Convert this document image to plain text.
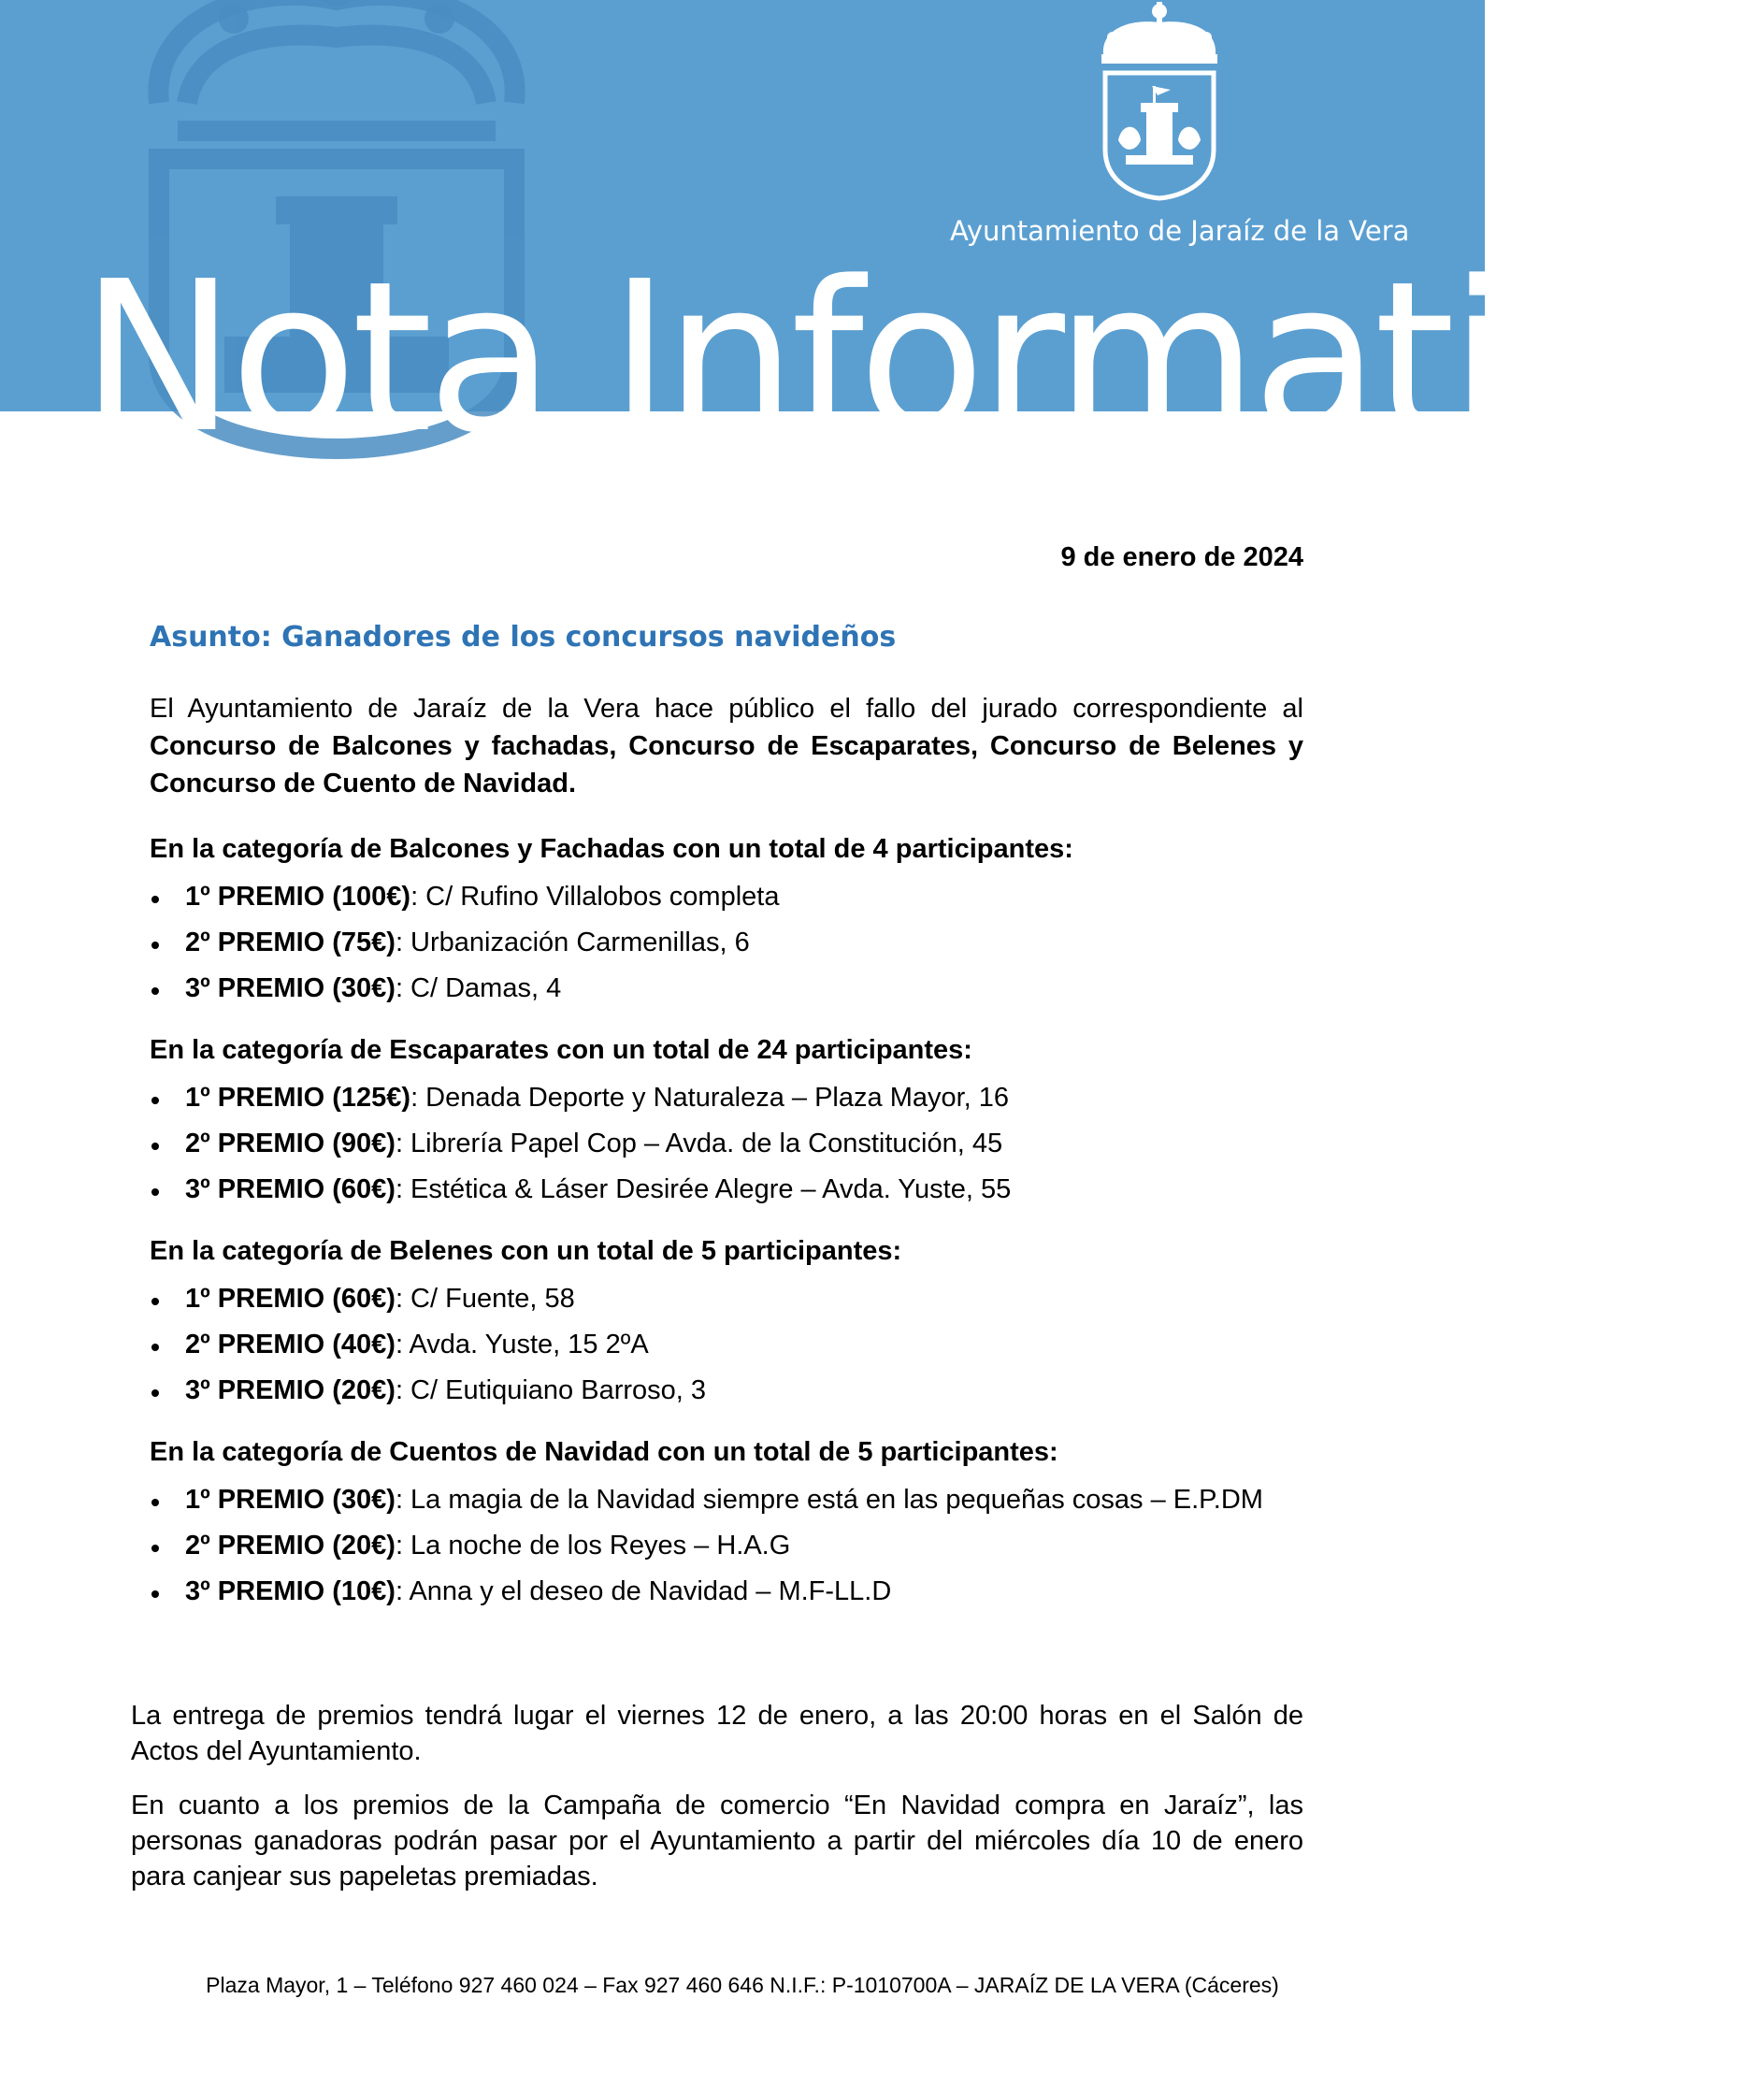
Ayuntamiento de Jaraíz de la Vera
Nota Informativa
9 de enero de 2024
Asunto: Ganadores de los concursos navideños
El Ayuntamiento de Jaraíz de la Vera hace público el fallo del jurado correspondiente al Concurso de Balcones y fachadas, Concurso de Escaparates, Concurso de Belenes y Concurso de Cuento de Navidad.
En la categoría de Balcones y Fachadas con un total de 4 participantes:
1º PREMIO (100€): C/ Rufino Villalobos completa
2º PREMIO (75€): Urbanización Carmenillas, 6
3º PREMIO (30€): C/ Damas, 4
En la categoría de Escaparates con un total de 24 participantes:
1º PREMIO (125€): Denada Deporte y Naturaleza – Plaza Mayor, 16
2º PREMIO (90€): Librería Papel Cop – Avda. de la Constitución, 45
3º PREMIO (60€): Estética & Láser Desirée Alegre – Avda. Yuste, 55
En la categoría de Belenes con un total de 5 participantes:
1º PREMIO (60€): C/ Fuente, 58
2º PREMIO (40€): Avda. Yuste, 15 2ºA
3º PREMIO (20€): C/ Eutiquiano Barroso, 3
En la categoría de Cuentos de Navidad con un total de 5 participantes:
1º PREMIO (30€): La magia de la Navidad siempre está en las pequeñas cosas – E.P.DM
2º PREMIO (20€): La noche de los Reyes – H.A.G
3º PREMIO (10€): Anna y el deseo de Navidad – M.F-LL.D
La entrega de premios tendrá lugar el viernes 12 de enero, a las 20:00 horas en el Salón de Actos del Ayuntamiento.
En cuanto a los premios de la Campaña de comercio “En Navidad compra en Jaraíz”, las personas ganadoras podrán pasar por el Ayuntamiento a partir del miércoles día 10 de enero para canjear sus papeletas premiadas.
Plaza Mayor, 1 – Teléfono 927 460 024 – Fax 927 460 646 N.I.F.: P-1010700A – JARAÍZ DE LA VERA (Cáceres)
